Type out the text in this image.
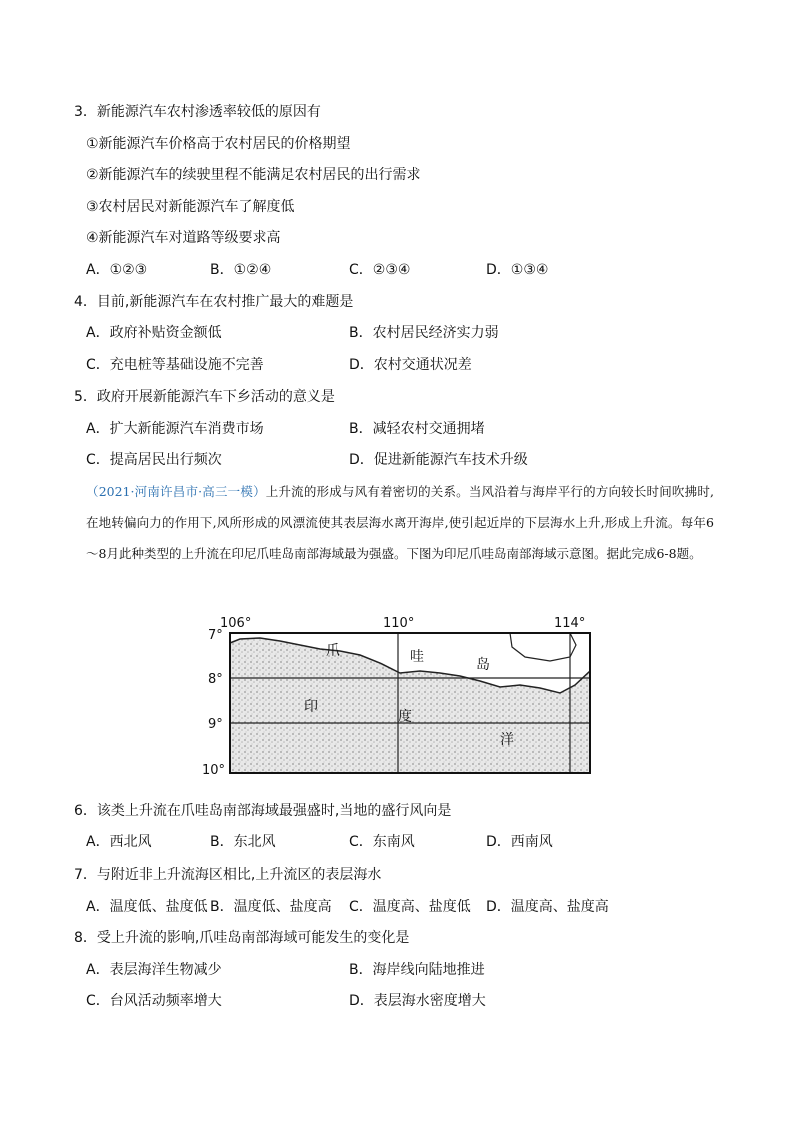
3．新能源汽车农村渗透率较低的原因有
①新能源汽车价格高于农村居民的价格期望
②新能源汽车的续驶里程不能满足农村居民的出行需求
③农村居民对新能源汽车了解度低
④新能源汽车对道路等级要求高
A．①②③	B．①②④	C．②③④	D．①③④
4．目前,新能源汽车在农村推广最大的难题是
A．政府补贴资金额低	B．农村居民经济实力弱
C．充电桩等基础设施不完善	D．农村交通状况差
5．政府开展新能源汽车下乡活动的意义是
A．扩大新能源汽车消费市场	B．减轻农村交通拥堵
C．提高居民出行频次	D．促进新能源汽车技术升级
（2021·河南许昌市·高三一模）上升流的形成与风有着密切的关系。当风沿着与海岸平行的方向较长时间吹拂时,在地转偏向力的作用下,风所形成的风漂流使其表层海水离开海岸,使引起近岸的下层海水上升,形成上升流。每年6～8月此种类型的上升流在印尼爪哇岛南部海域最为强盛。下图为印尼爪哇岛南部海域示意图。据此完成6-8题。
106°	110°	114°
7°
8°
9°
10°
爪	哇	岛
印
度
洋
6．该类上升流在爪哇岛南部海域最强盛时,当地的盛行风向是
A．西北风	B．东北风	C．东南风	D．西南风
7．与附近非上升流海区相比,上升流区的表层海水
A．温度低、盐度低 B．温度低、盐度高 C．温度高、盐度低 D．温度高、盐度高
8．受上升流的影响,爪哇岛南部海域可能发生的变化是
A．表层海洋生物减少	B．海岸线向陆地推进
C．台风活动频率增大	D．表层海水密度增大
